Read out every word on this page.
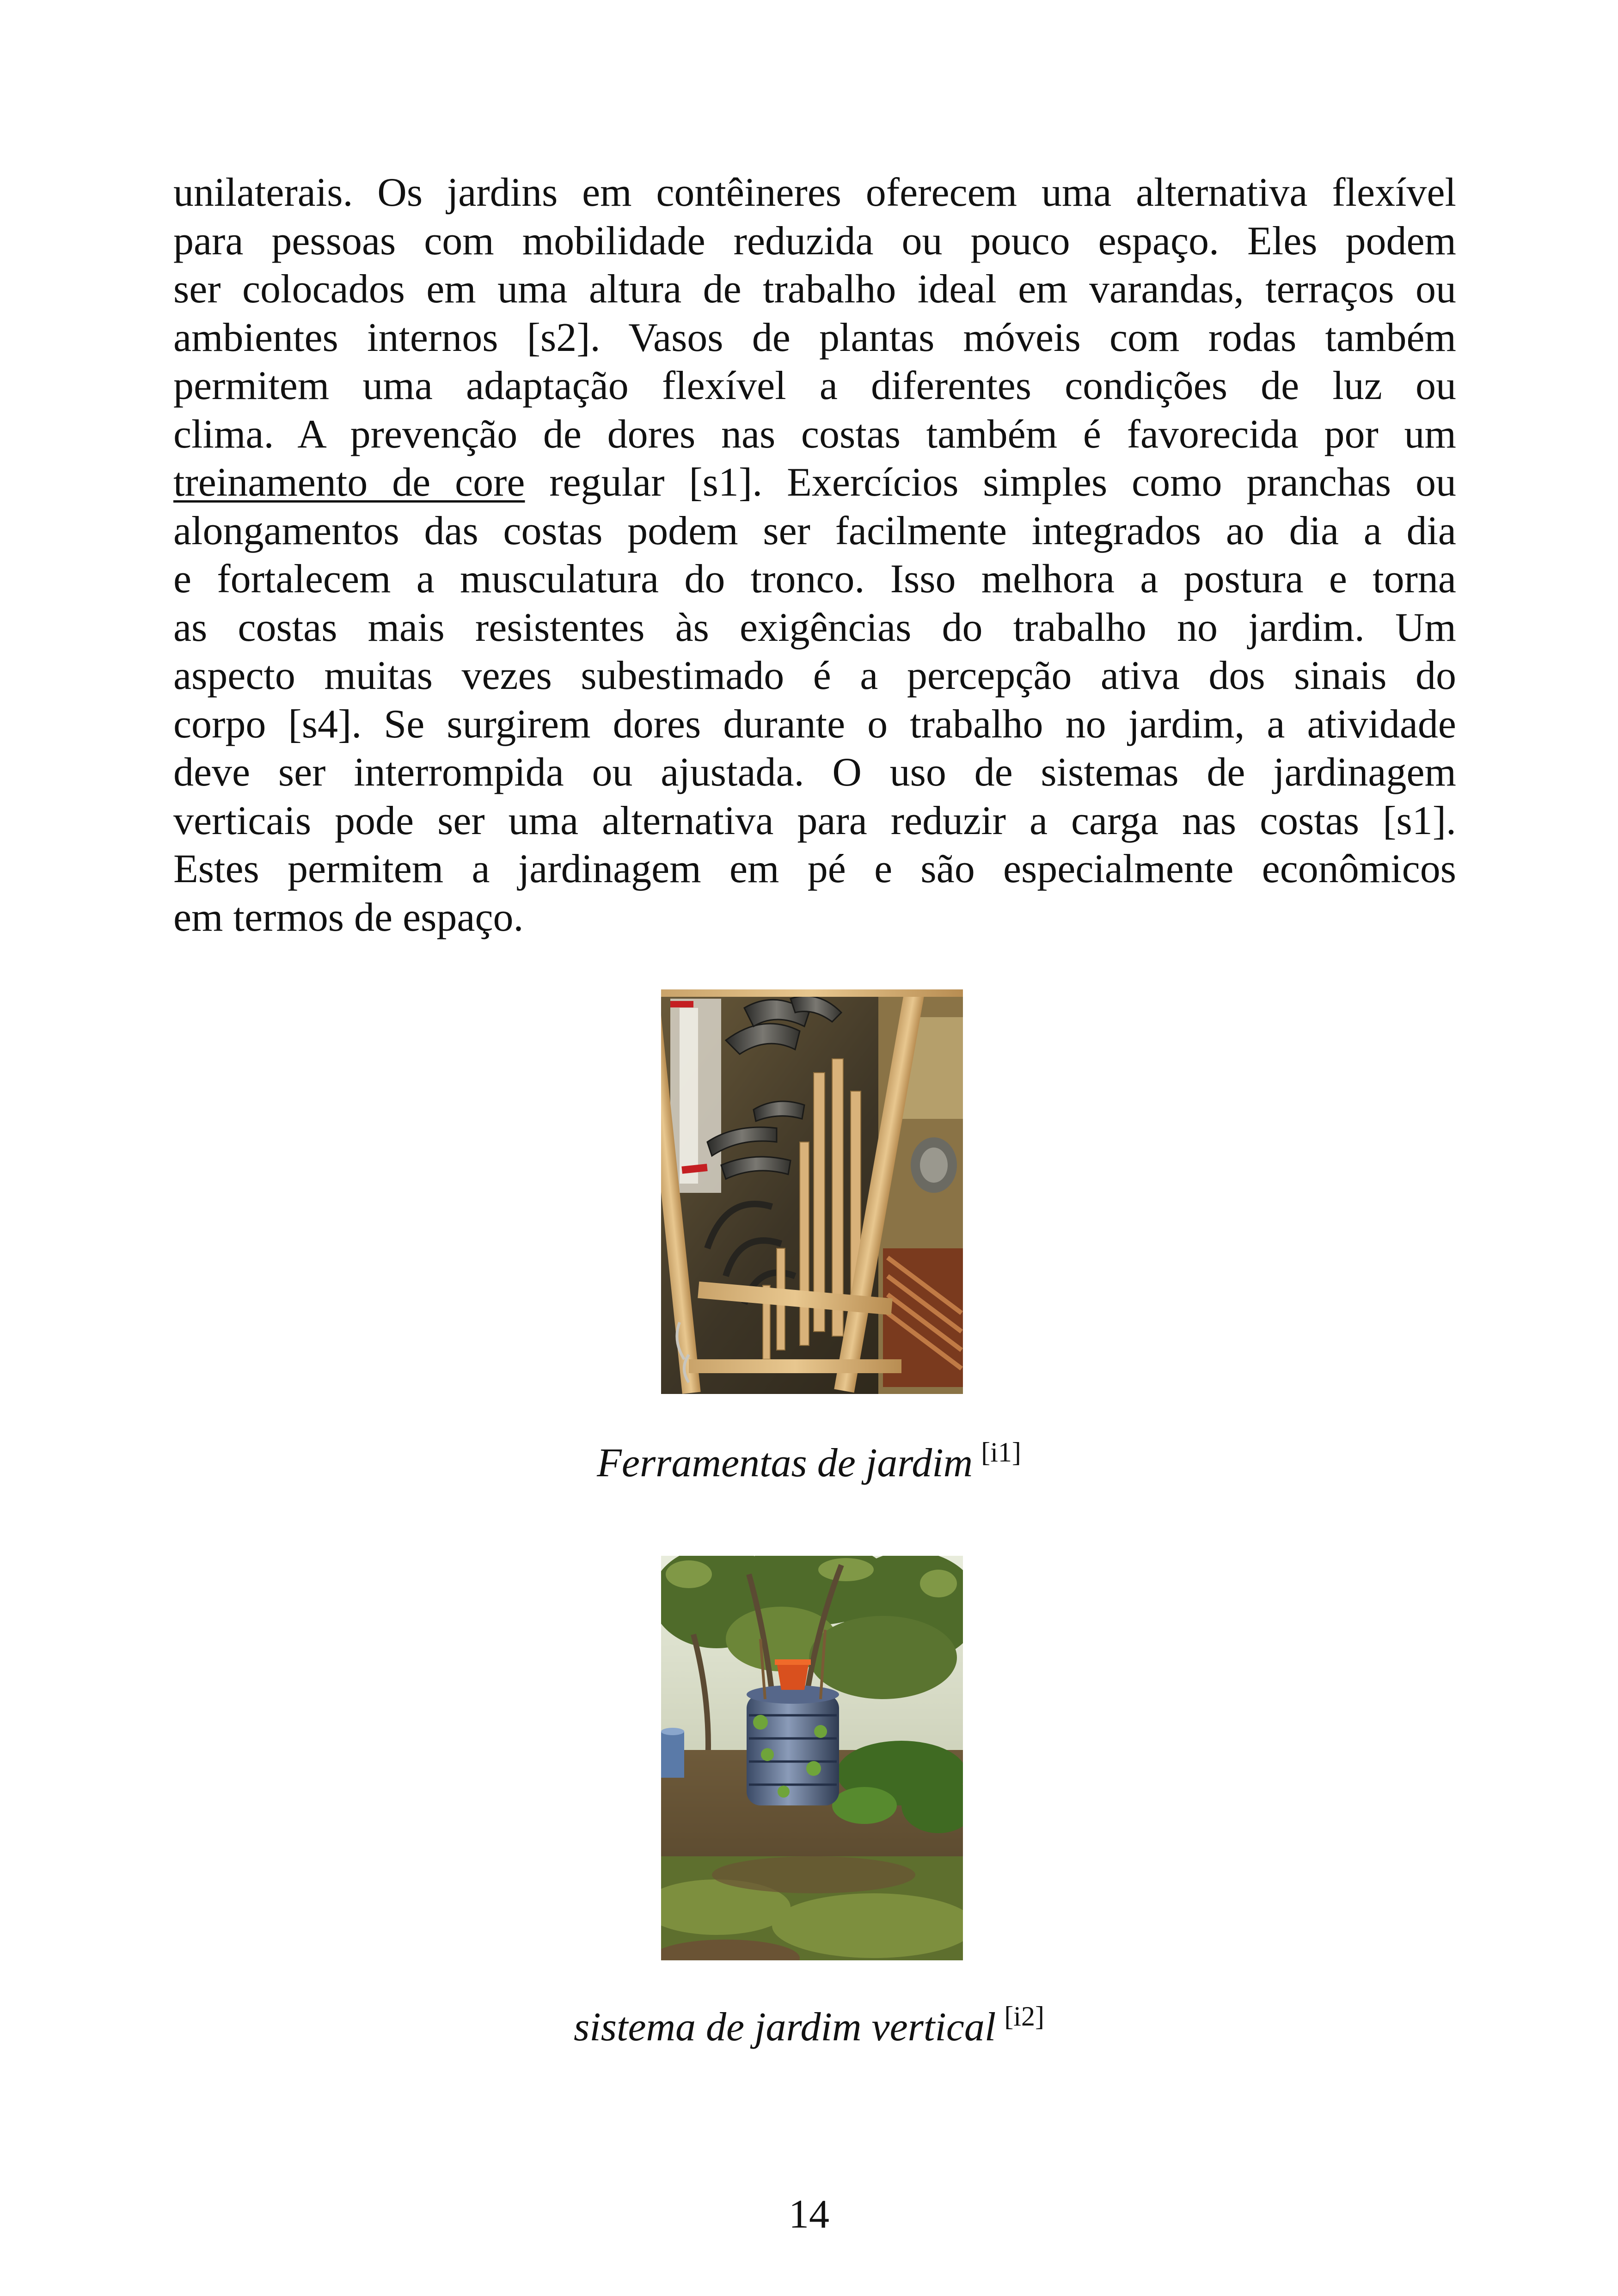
unilaterais. Os jardins em contêineres oferecem uma alternativa flexível
para pessoas com mobilidade reduzida ou pouco espaço. Eles podem
ser colocados em uma altura de trabalho ideal em varandas, terraços ou
ambientes internos [s2]. Vasos de plantas móveis com rodas também
permitem uma adaptação flexível a diferentes condições de luz ou
clima. A prevenção de dores nas costas também é favorecida por um
treinamento de core regular [s1]. Exercícios simples como pranchas ou
alongamentos das costas podem ser facilmente integrados ao dia a dia
e fortalecem a musculatura do tronco. Isso melhora a postura e torna
as costas mais resistentes às exigências do trabalho no jardim. Um
aspecto muitas vezes subestimado é a percepção ativa dos sinais do
corpo [s4]. Se surgirem dores durante o trabalho no jardim, a atividade
deve ser interrompida ou ajustada. O uso de sistemas de jardinagem
verticais pode ser uma alternativa para reduzir a carga nas costas [s1].
Estes permitem a jardinagem em pé e são especialmente econômicos
em termos de espaço.
Ferramentas de jardim [i1]
sistema de jardim vertical [i2]
14
